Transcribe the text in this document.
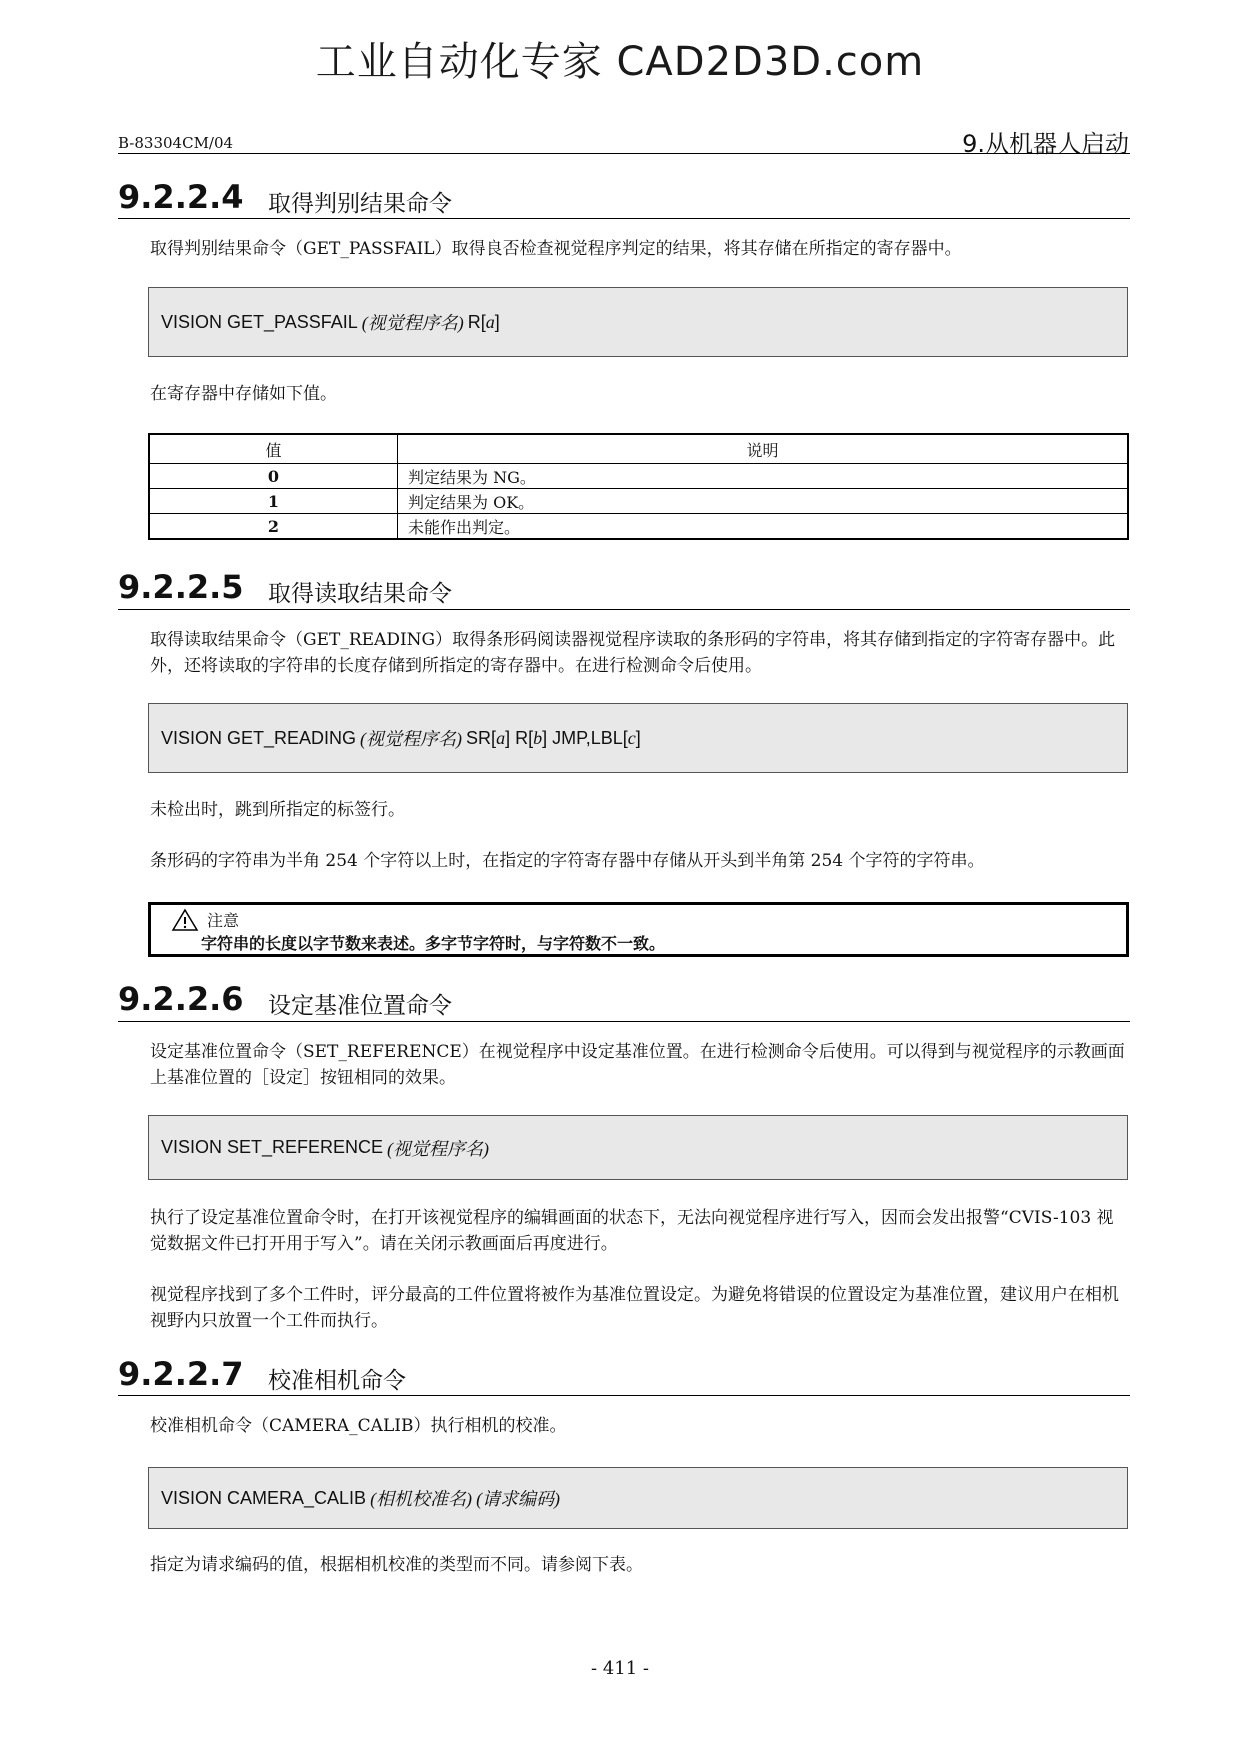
工业自动化专家 CAD2D3D.com
B-83304CM/04	9.从机器人启动
9.2.2.4 取得判别结果命令
取得判别结果命令（GET_PASSFAIL）取得良否检查视觉程序判定的结果，将其存储在所指定的寄存器中。
VISION GET_PASSFAIL (视觉程序名) R[ a ]
在寄存器中存储如下值。
值	说明
0	判定结果为 NG。
1	判定结果为 OK。
2	未能作出判定。
9.2.2.5 取得读取结果命令
取得读取结果命令（GET_READING）取得条形码阅读器视觉程序读取的条形码的字符串，将其存储到指定的字符寄存器中。此外，还将读取的字符串的长度存储到所指定的寄存器中。在进行检测命令后使用。
VISION GET_READING (视觉程序名) SR[ a ] R[ b ] JMP,LBL[ c ]
未检出时，跳到所指定的标签行。
条形码的字符串为半角 254 个字符以上时，在指定的字符寄存器中存储从开头到半角第 254 个字符的字符串。
注意
字符串的长度以字节数来表述。多字节字符时，与字符数不一致。
9.2.2.6 设定基准位置命令
设定基准位置命令（SET_REFERENCE）在视觉程序中设定基准位置。在进行检测命令后使用。可以得到与视觉程序的示教画面上基准位置的［设定］按钮相同的效果。
VISION SET_REFERENCE (视觉程序名)
执行了设定基准位置命令时，在打开该视觉程序的编辑画面的状态下，无法向视觉程序进行写入，因而会发出报警“CVIS-103 视觉数据文件已打开用于写入”。请在关闭示教画面后再度进行。
视觉程序找到了多个工件时，评分最高的工件位置将被作为基准位置设定。为避免将错误的位置设定为基准位置，建议用户在相机视野内只放置一个工件而执行。
9.2.2.7 校准相机命令
校准相机命令（CAMERA_CALIB）执行相机的校准。
VISION CAMERA_CALIB (相机校准名) (请求编码)
指定为请求编码的值，根据相机校准的类型而不同。请参阅下表。
- 411 -
